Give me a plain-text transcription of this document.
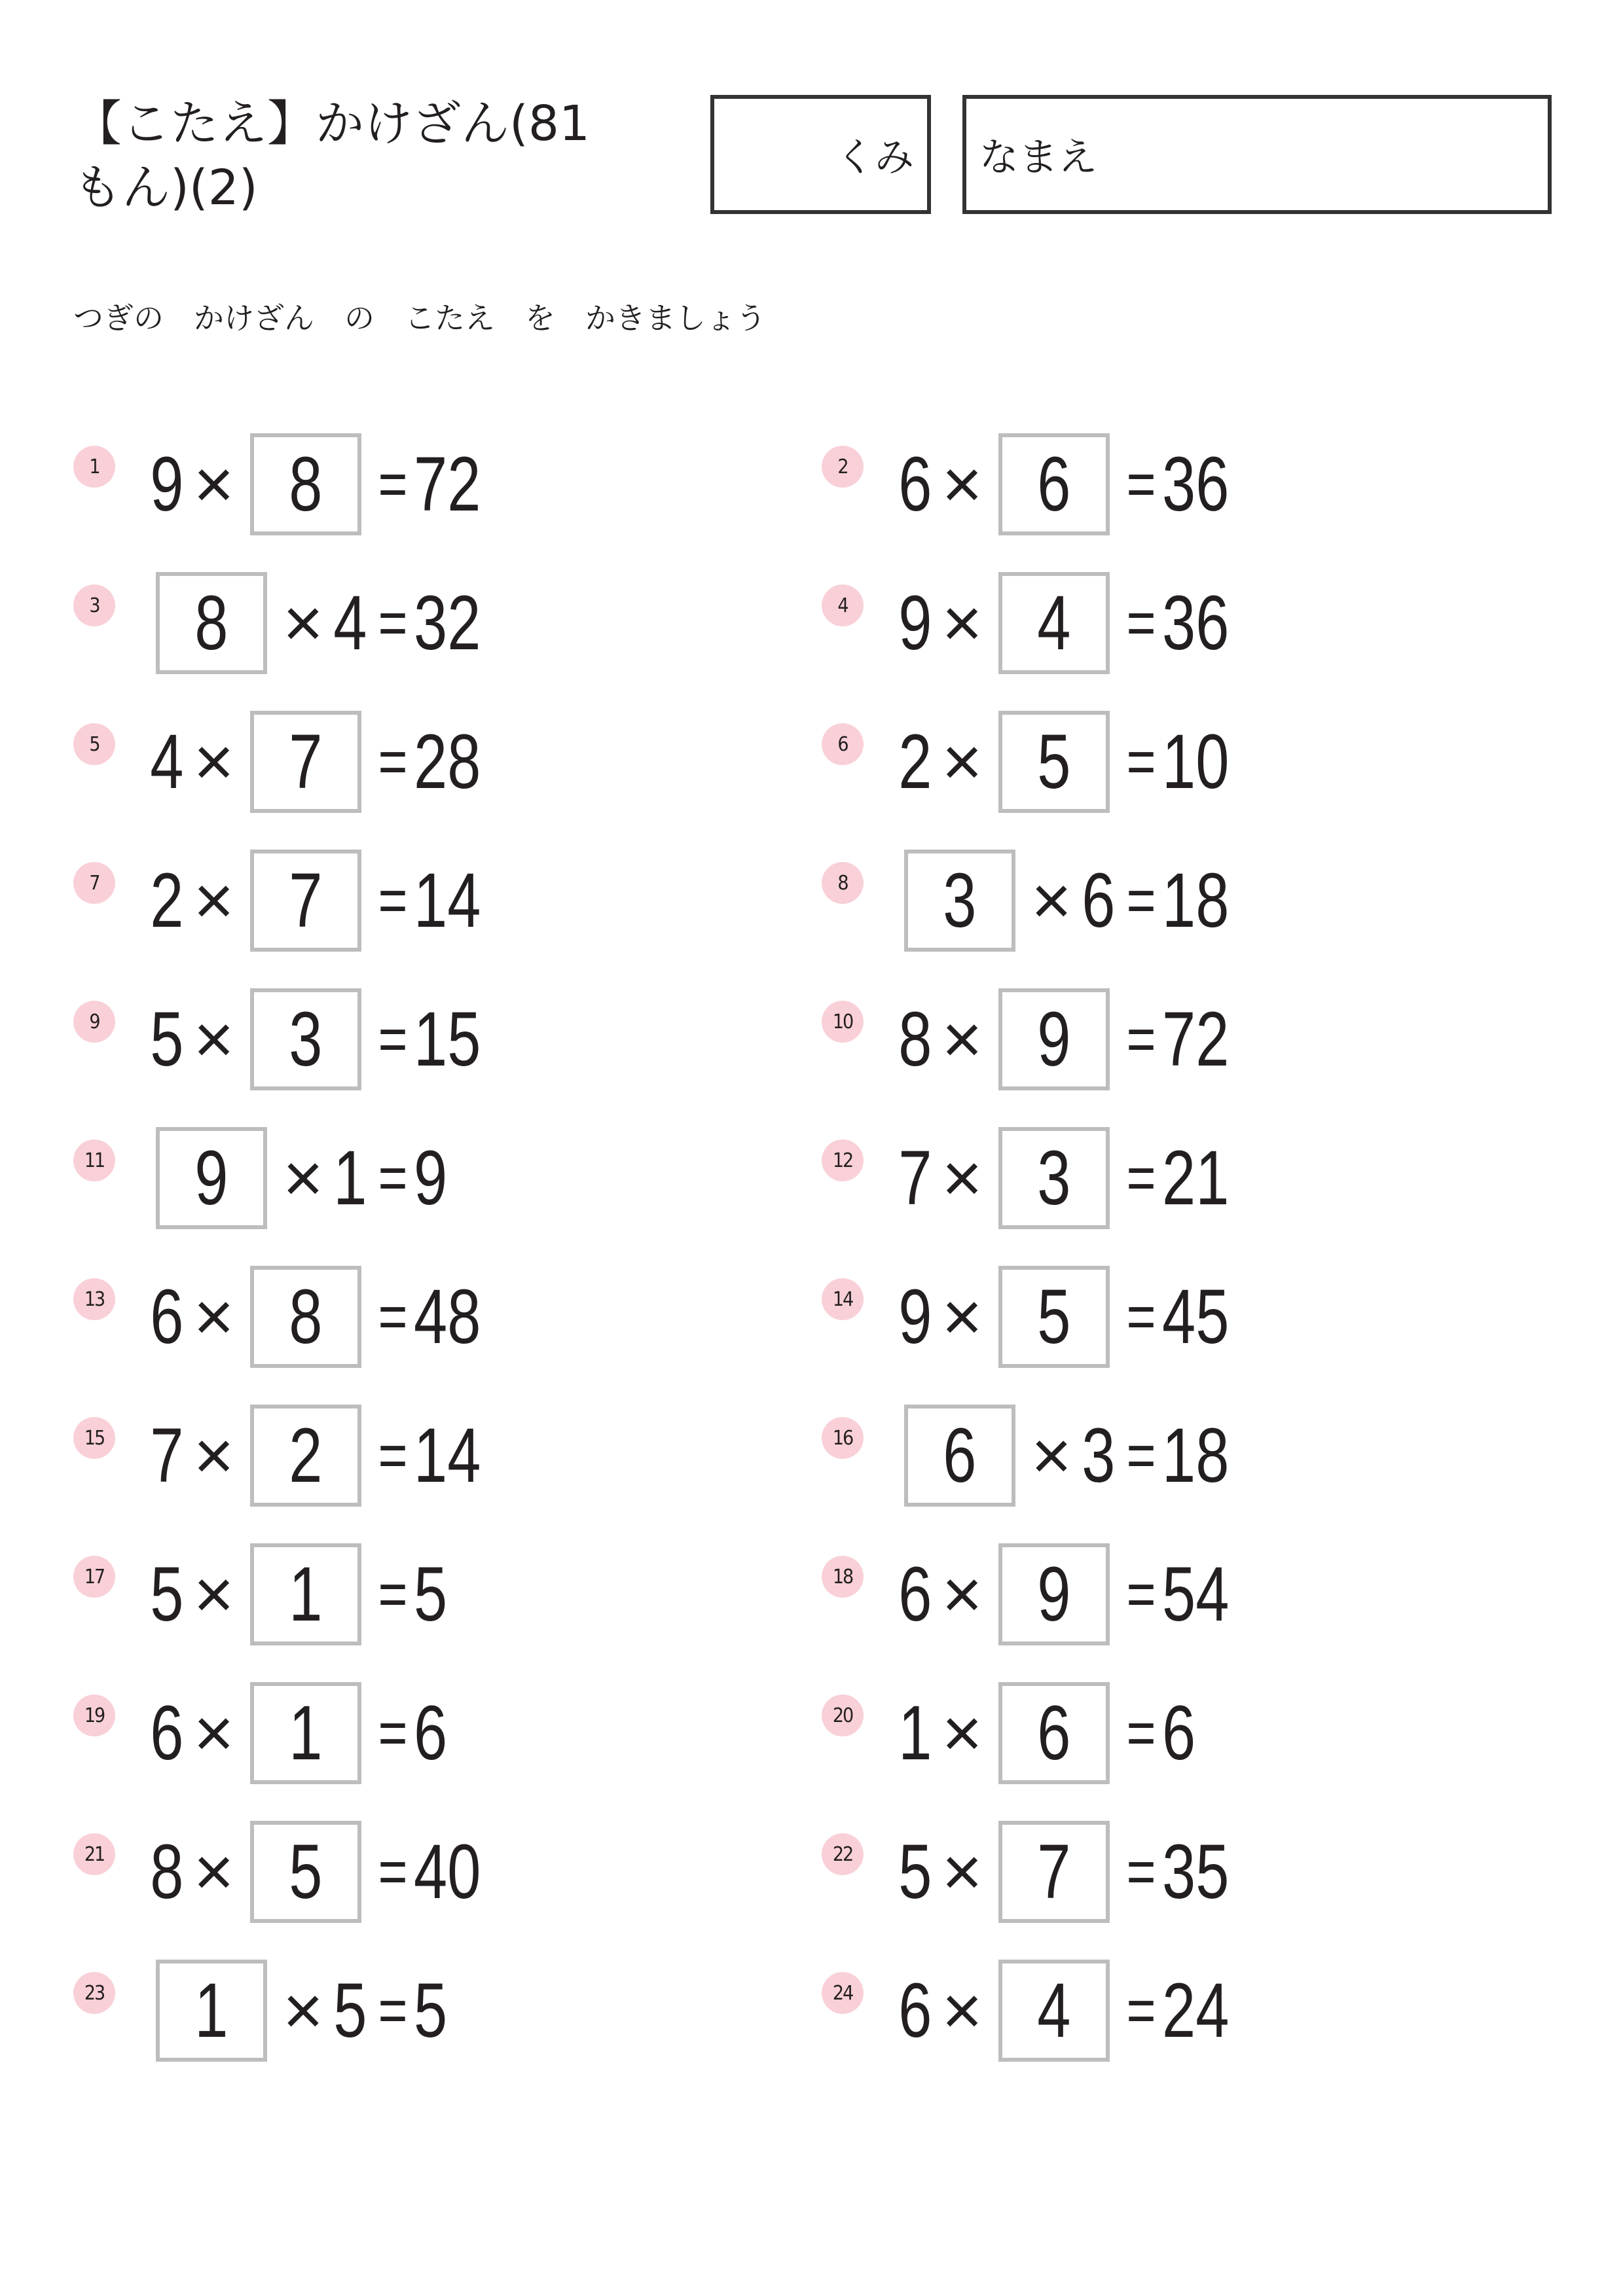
【こたえ】かけざん(81
もん)(2)
くみ なまえ
つぎの　かけざん　の　こたえ　を　かきましょう
1 9 × 8 = 72	2 6 × 6 = 36
3 8 × 4 = 32	4 9 × 4 = 36
5 4 × 7 = 28	6 2 × 5 = 10
7 2 × 7 = 14	8 3 × 6 = 18
9 5 × 3 = 15	10 8 × 9 = 72
11 9 × 1 = 9	12 7 × 3 = 21
13 6 × 8 = 48	14 9 × 5 = 45
15 7 × 2 = 14	16 6 × 3 = 18
17 5 × 1 = 5	18 6 × 9 = 54
19 6 × 1 = 6	20 1 × 6 = 6
21 8 × 5 = 40	22 5 × 7 = 35
23 1 × 5 = 5	24 6 × 4 = 24
